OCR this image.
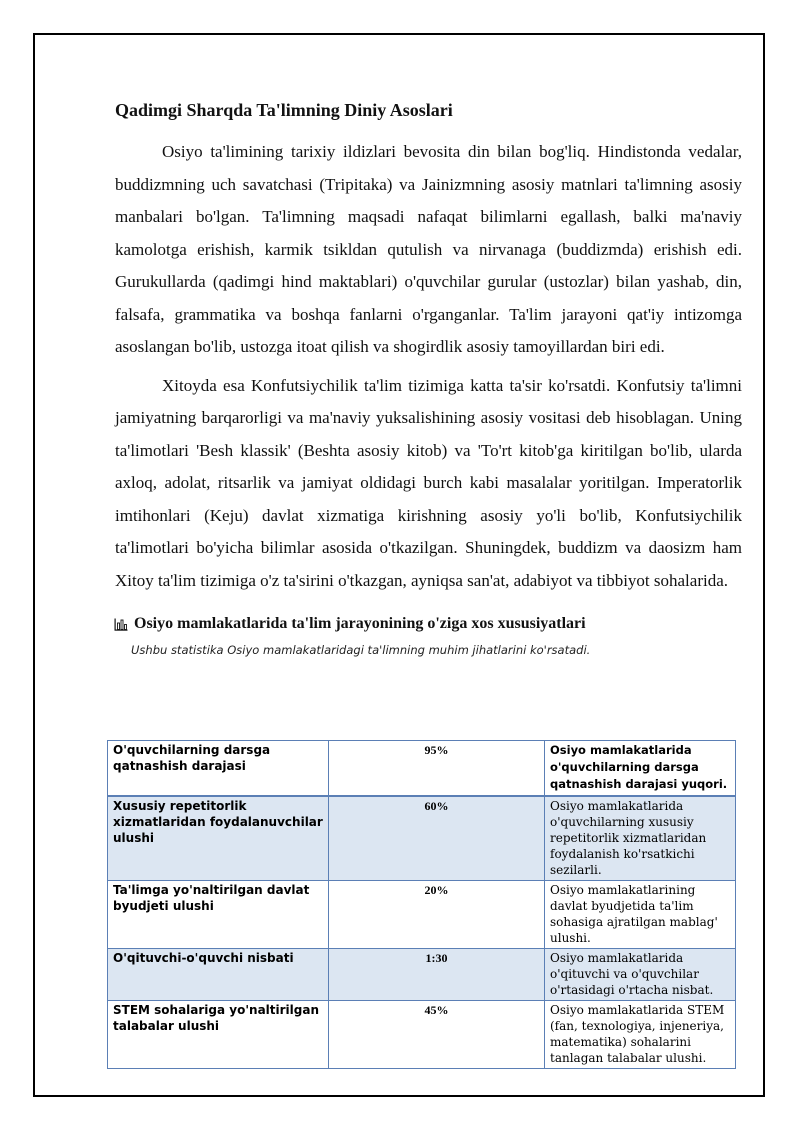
Qadimgi Sharqda Ta'limning Diniy Asoslari

Osiyo ta'limining tarixiy ildizlari bevosita din bilan bog'liq. Hindistonda vedalar, buddizmning uch savatchasi (Tripitaka) va Jainizmning asosiy matnlari ta'limning asosiy manbalari bo'lgan. Ta'limning maqsadi nafaqat bilimlarni egallash, balki ma'naviy kamolotga erishish, karmik tsikldan qutulish va nirvanaga (buddizmda) erishish edi. Gurukullarda (qadimgi hind maktablari) o'quvchilar gurular (ustozlar) bilan yashab, din, falsafa, grammatika va boshqa fanlarni o'rganganlar. Ta'lim jarayoni qat'iy intizomga asoslangan bo'lib, ustozga itoat qilish va shogirdlik asosiy tamoyillardan biri edi.

Xitoyda esa Konfutsiychilik ta'lim tizimiga katta ta'sir ko'rsatdi. Konfutsiy ta'limni jamiyatning barqarorligi va ma'naviy yuksalishining asosiy vositasi deb hisoblagan. Uning ta'limotlari 'Besh klassik' (Beshta asosiy kitob) va 'To'rt kitob'ga kiritilgan bo'lib, ularda axloq, adolat, ritsarlik va jamiyat oldidagi burch kabi masalalar yoritilgan. Imperatorlik imtihonlari (Keju) davlat xizmatiga kirishning asosiy yo'li bo'lib, Konfutsiychilik ta'limotlari bo'yicha bilimlar asosida o'tkazilgan. Shuningdek, buddizm va daosizm ham Xitoy ta'lim tizimiga o'z ta'sirini o'tkazgan, ayniqsa san'at, adabiyot va tibbiyot sohalarida.

Osiyo mamlakatlarida ta'lim jarayonining o'ziga xos xususiyatlari
Ushbu statistika Osiyo mamlakatlaridagi ta'limning muhim jihatlarini ko'rsatadi.
O'quvchilarning darsga qatnashish darajasi	95%	Osiyo mamlakatlarida o'quvchilarning darsga qatnashish darajasi yuqori.
Xususiy repetitorlik xizmatlaridan foydalanuvchilar ulushi	60%	Osiyo mamlakatlarida o'quvchilarning xususiy repetitorlik xizmatlaridan foydalanish ko'rsatkichi sezilarli.
Ta'limga yo'naltirilgan davlat byudjeti ulushi	20%	Osiyo mamlakatlarining davlat byudjetida ta'lim sohasiga ajratilgan mablag' ulushi.
O'qituvchi-o'quvchi nisbati	1:30	Osiyo mamlakatlarida o'qituvchi va o'quvchilar o'rtasidagi o'rtacha nisbat.
STEM sohalariga yo'naltirilgan talabalar ulushi	45%	Osiyo mamlakatlarida STEM (fan, texnologiya, injeneriya, matematika) sohalarini tanlagan talabalar ulushi.
